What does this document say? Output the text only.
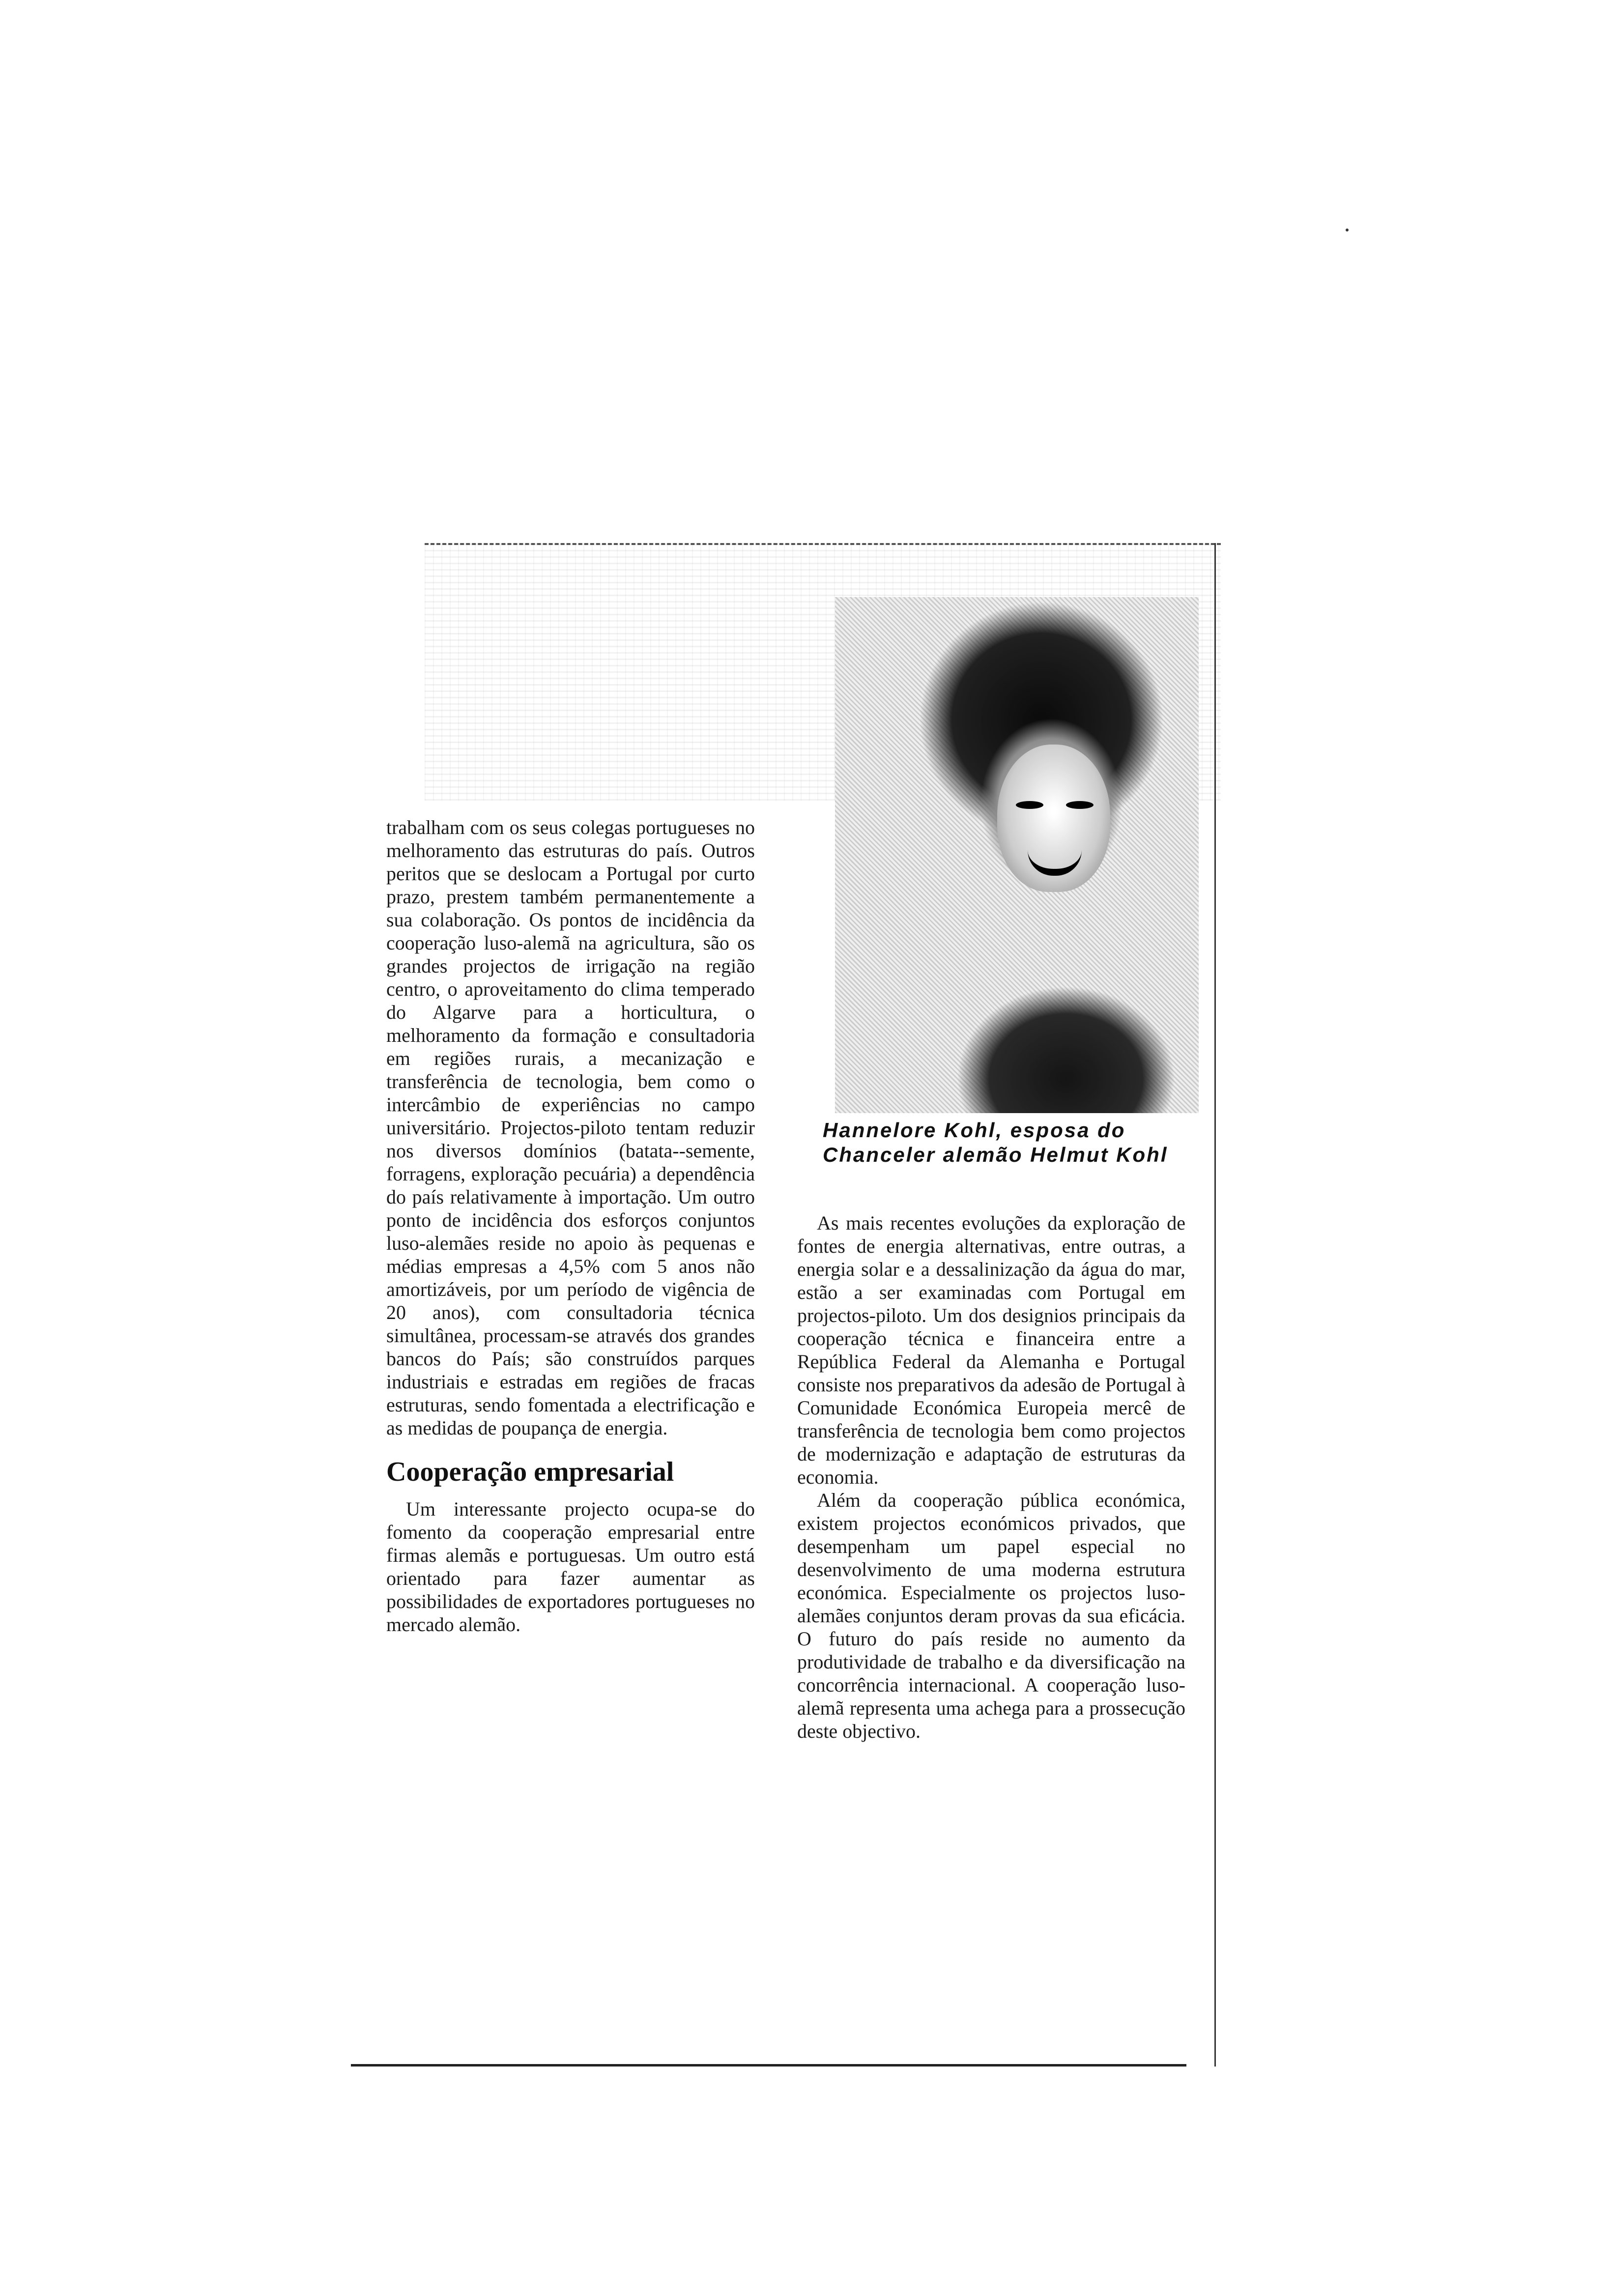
Hannelore Kohl, esposa do Chanceler alemão Helmut Kohl

trabalham com os seus colegas portugueses no melhoramento das estruturas do país. Outros peritos que se deslocam a Portugal por curto prazo, prestem também permanentemente a sua colaboração. Os pontos de incidência da cooperação luso-alemã na agricultura, são os grandes projectos de irrigação na região centro, o aproveitamento do clima temperado do Algarve para a horticultura, o melhoramento da formação e consultadoria em regiões rurais, a mecanização e transferência de tecnologia, bem como o intercâmbio de experiências no campo universitário. Projectos-piloto tentam reduzir nos diversos domínios (batata--semente, forragens, exploração pecuária) a dependência do país relativamente à importação. Um outro ponto de incidência dos esforços conjuntos luso-alemães reside no apoio às pequenas e médias empresas a 4,5% com 5 anos não amortizáveis, por um período de vigência de 20 anos), com consultadoria técnica simultânea, processam-se através dos grandes bancos do País; são construídos parques industriais e estradas em regiões de fracas estruturas, sendo fomentada a electrificação e as medidas de poupança de energia.

Cooperação empresarial

Um interessante projecto ocupa-se do fomento da cooperação empresarial entre firmas alemãs e portuguesas. Um outro está orientado para fazer aumentar as possibilidades de exportadores portugueses no mercado alemão.

As mais recentes evoluções da exploração de fontes de energia alternativas, entre outras, a energia solar e a dessalinização da água do mar, estão a ser examinadas com Portugal em projectos-piloto. Um dos designios principais da cooperação técnica e financeira entre a República Federal da Alemanha e Portugal consiste nos preparativos da adesão de Portugal à Comunidade Económica Europeia mercê de transferência de tecnologia bem como projectos de modernização e adaptação de estruturas da economia.

Além da cooperação pública económica, existem projectos económicos privados, que desempenham um papel especial no desenvolvimento de uma moderna estrutura económica. Especialmente os projectos luso-alemães conjuntos deram provas da sua eficácia. O futuro do país reside no aumento da produtividade de trabalho e da diversificação na concorrência internacional. A cooperação luso-alemã representa uma achega para a prossecução deste objectivo.
